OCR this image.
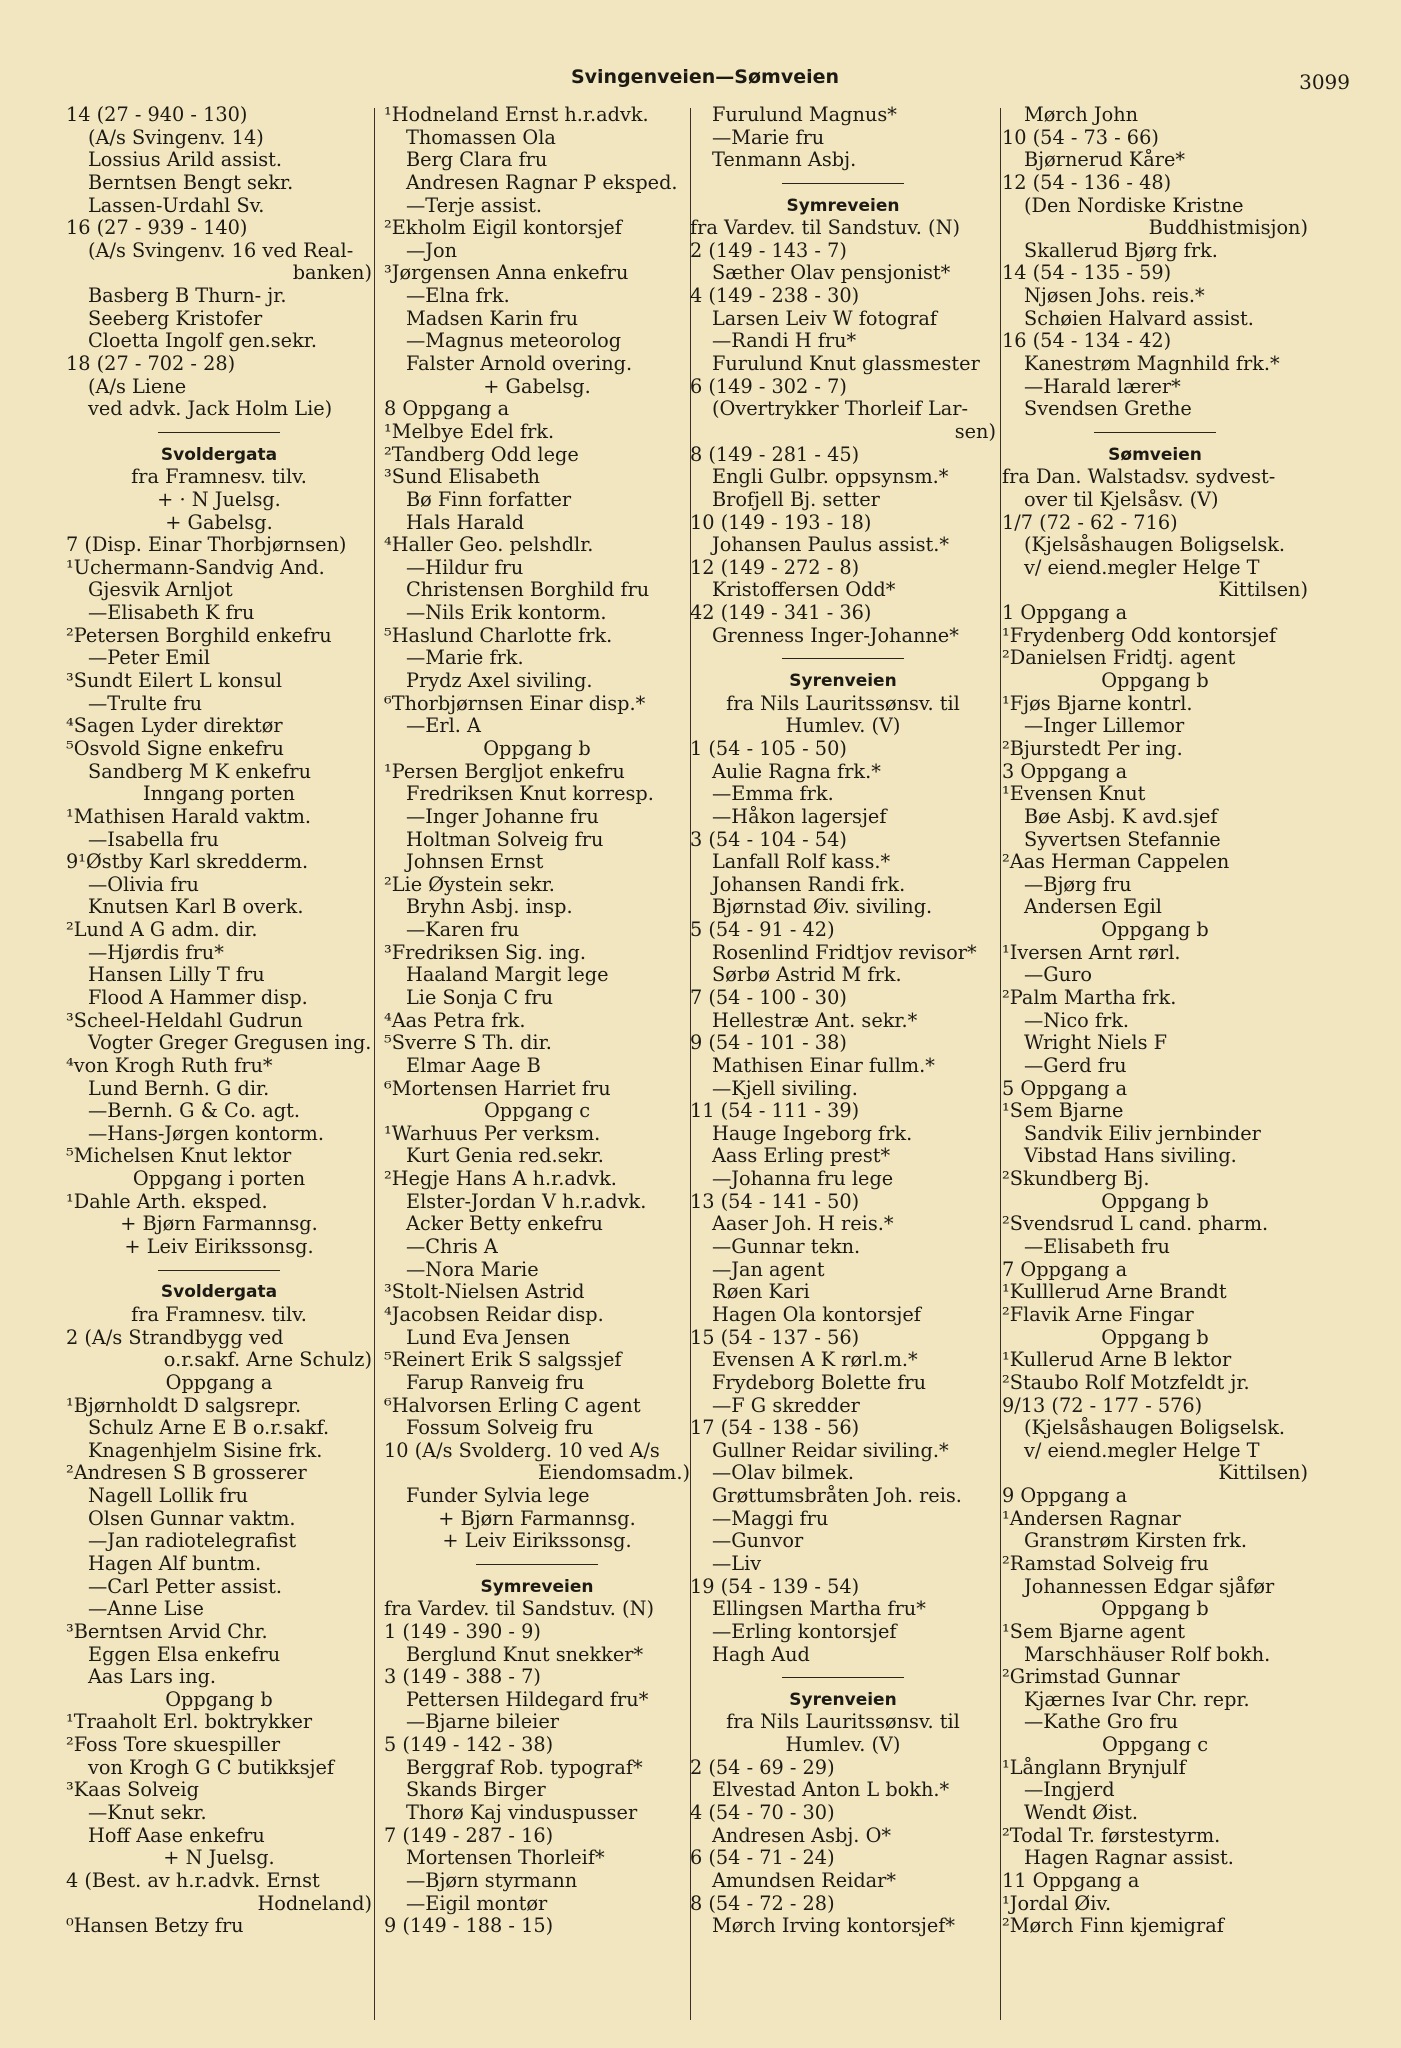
Svingenveien—Sømveien	3099
14 (27 - 940 - 130)
(A/s Svingenv. 14)
Lossius Arild assist.
Berntsen Bengt sekr.
Lassen-Urdahl Sv.
16 (27 - 939 - 140)
(A/s Svingenv. 16 ved Real-
banken)
Basberg B Thurn- jr.
Seeberg Kristofer
Cloetta Ingolf gen.sekr.
18 (27 - 702 - 28)
(A/s Liene
ved advk. Jack Holm Lie)
Svoldergata
fra Framnesv. tilv.
+ · N Juelsg.
+ Gabelsg.
7 (Disp. Einar Thorbjørnsen)
¹Uchermann-Sandvig And.
Gjesvik Arnljot
—Elisabeth K fru
²Petersen Borghild enkefru
—Peter Emil
³Sundt Eilert L konsul
—Trulte fru
⁴Sagen Lyder direktør
⁵Osvold Signe enkefru
Sandberg M K enkefru
Inngang porten
¹Mathisen Harald vaktm.
—Isabella fru
9¹Østby Karl skredderm.
—Olivia fru
Knutsen Karl B overk.
²Lund A G adm. dir.
—Hjørdis fru*
Hansen Lilly T fru
Flood A Hammer disp.
³Scheel-Heldahl Gudrun
Vogter Greger Gregusen ing.
⁴von Krogh Ruth fru*
Lund Bernh. G dir.
—Bernh. G & Co. agt.
—Hans-Jørgen kontorm.
⁵Michelsen Knut lektor
Oppgang i porten
¹Dahle Arth. eksped.
+ Bjørn Farmannsg.
+ Leiv Eirikssonsg.
Svoldergata
fra Framnesv. tilv.
2 (A/s Strandbygg ved
o.r.sakf. Arne Schulz)
Oppgang a
¹Bjørnholdt D salgsrepr.
Schulz Arne E B o.r.sakf.
Knagenhjelm Sisine frk.
²Andresen S B grosserer
Nagell Lollik fru
Olsen Gunnar vaktm.
—Jan radiotelegrafist
Hagen Alf buntm.
—Carl Petter assist.
—Anne Lise
³Berntsen Arvid Chr.
Eggen Elsa enkefru
Aas Lars ing.
Oppgang b
¹Traaholt Erl. boktrykker
²Foss Tore skuespiller
von Krogh G C butikksjef
³Kaas Solveig
—Knut sekr.
Hoff Aase enkefru
+ N Juelsg.
4 (Best. av h.r.advk. Ernst
Hodneland)
⁰Hansen Betzy fru
¹Hodneland Ernst h.r.advk.
Thomassen Ola
Berg Clara fru
Andresen Ragnar P eksped.
—Terje assist.
²Ekholm Eigil kontorsjef
—Jon
³Jørgensen Anna enkefru
—Elna frk.
Madsen Karin fru
—Magnus meteorolog
Falster Arnold overing.
+ Gabelsg.
8 Oppgang a
¹Melbye Edel frk.
²Tandberg Odd lege
³Sund Elisabeth
Bø Finn forfatter
Hals Harald
⁴Haller Geo. pelshdlr.
—Hildur fru
Christensen Borghild fru
—Nils Erik kontorm.
⁵Haslund Charlotte frk.
—Marie frk.
Prydz Axel siviling.
⁶Thorbjørnsen Einar disp.*
—Erl. A
Oppgang b
¹Persen Bergljot enkefru
Fredriksen Knut korresp.
—Inger Johanne fru
Holtman Solveig fru
Johnsen Ernst
²Lie Øystein sekr.
Bryhn Asbj. insp.
—Karen fru
³Fredriksen Sig. ing.
Haaland Margit lege
Lie Sonja C fru
⁴Aas Petra frk.
⁵Sverre S Th. dir.
Elmar Aage B
⁶Mortensen Harriet fru
Oppgang c
¹Warhuus Per verksm.
Kurt Genia red.sekr.
²Hegje Hans A h.r.advk.
Elster-Jordan V h.r.advk.
Acker Betty enkefru
—Chris A
—Nora Marie
³Stolt-Nielsen Astrid
⁴Jacobsen Reidar disp.
Lund Eva Jensen
⁵Reinert Erik S salgssjef
Farup Ranveig fru
⁶Halvorsen Erling C agent
Fossum Solveig fru
10 (A/s Svolderg. 10 ved A/s
Eiendomsadm.)
Funder Sylvia lege
+ Bjørn Farmannsg.
+ Leiv Eirikssonsg.
Symreveien
fra Vardev. til Sandstuv. (N)
1 (149 - 390 - 9)
Berglund Knut snekker*
3 (149 - 388 - 7)
Pettersen Hildegard fru*
—Bjarne bileier
5 (149 - 142 - 38)
Berggraf Rob. typograf*
Skands Birger
Thorø Kaj vinduspusser
7 (149 - 287 - 16)
Mortensen Thorleif*
—Bjørn styrmann
—Eigil montør
9 (149 - 188 - 15)
Furulund Magnus*
—Marie fru
Tenmann Asbj.
Symreveien
fra Vardev. til Sandstuv. (N)
2 (149 - 143 - 7)
Sæther Olav pensjonist*
4 (149 - 238 - 30)
Larsen Leiv W fotograf
—Randi H fru*
Furulund Knut glassmester
6 (149 - 302 - 7)
(Overtrykker Thorleif Lar-
sen)
8 (149 - 281 - 45)
Engli Gulbr. oppsynsm.*
Brofjell Bj. setter
10 (149 - 193 - 18)
Johansen Paulus assist.*
12 (149 - 272 - 8)
Kristoffersen Odd*
42 (149 - 341 - 36)
Grenness Inger-Johanne*
Syrenveien
fra Nils Lauritssønsv. til
Humlev. (V)
1 (54 - 105 - 50)
Aulie Ragna frk.*
—Emma frk.
—Håkon lagersjef
3 (54 - 104 - 54)
Lanfall Rolf kass.*
Johansen Randi frk.
Bjørnstad Øiv. siviling.
5 (54 - 91 - 42)
Rosenlind Fridtjov revisor*
Sørbø Astrid M frk.
7 (54 - 100 - 30)
Hellestræ Ant. sekr.*
9 (54 - 101 - 38)
Mathisen Einar fullm.*
—Kjell siviling.
11 (54 - 111 - 39)
Hauge Ingeborg frk.
Aass Erling prest*
—Johanna fru lege
13 (54 - 141 - 50)
Aaser Joh. H reis.*
—Gunnar tekn.
—Jan agent
Røen Kari
Hagen Ola kontorsjef
15 (54 - 137 - 56)
Evensen A K rørl.m.*
Frydeborg Bolette fru
—F G skredder
17 (54 - 138 - 56)
Gullner Reidar siviling.*
—Olav bilmek.
Grøttumsbråten Joh. reis.
—Maggi fru
—Gunvor
—Liv
19 (54 - 139 - 54)
Ellingsen Martha fru*
—Erling kontorsjef
Hagh Aud
Syrenveien
fra Nils Lauritssønsv. til
Humlev. (V)
2 (54 - 69 - 29)
Elvestad Anton L bokh.*
4 (54 - 70 - 30)
Andresen Asbj. O*
6 (54 - 71 - 24)
Amundsen Reidar*
8 (54 - 72 - 28)
Mørch Irving kontorsjef*
Mørch John
10 (54 - 73 - 66)
Bjørnerud Kåre*
12 (54 - 136 - 48)
(Den Nordiske Kristne
Buddhistmisjon)
Skallerud Bjørg frk.
14 (54 - 135 - 59)
Njøsen Johs. reis.*
Schøien Halvard assist.
16 (54 - 134 - 42)
Kanestrøm Magnhild frk.*
—Harald lærer*
Svendsen Grethe
Sømveien
fra Dan. Walstadsv. sydvest-
over til Kjelsåsv. (V)
1/7 (72 - 62 - 716)
(Kjelsåshaugen Boligselsk.
v/ eiend.megler Helge T
Kittilsen)
1 Oppgang a
¹Frydenberg Odd kontorsjef
²Danielsen Fridtj. agent
Oppgang b
¹Fjøs Bjarne kontrl.
—Inger Lillemor
²Bjurstedt Per ing.
3 Oppgang a
¹Evensen Knut
Bøe Asbj. K avd.sjef
Syvertsen Stefannie
²Aas Herman Cappelen
—Bjørg fru
Andersen Egil
Oppgang b
¹Iversen Arnt rørl.
—Guro
²Palm Martha frk.
—Nico frk.
Wright Niels F
—Gerd fru
5 Oppgang a
¹Sem Bjarne
Sandvik Eiliv jernbinder
Vibstad Hans siviling.
²Skundberg Bj.
Oppgang b
²Svendsrud L cand. pharm.
—Elisabeth fru
7 Oppgang a
¹Kulllerud Arne Brandt
²Flavik Arne Fingar
Oppgang b
¹Kullerud Arne B lektor
²Staubo Rolf Motzfeldt jr.
9/13 (72 - 177 - 576)
(Kjelsåshaugen Boligselsk.
v/ eiend.megler Helge T
Kittilsen)
9 Oppgang a
¹Andersen Ragnar
Granstrøm Kirsten frk.
²Ramstad Solveig fru
Johannessen Edgar sjåfør
Oppgang b
¹Sem Bjarne agent
Marschhäuser Rolf bokh.
²Grimstad Gunnar
Kjærnes Ivar Chr. repr.
—Kathe Gro fru
Oppgang c
¹Långlann Brynjulf
—Ingjerd
Wendt Øist.
²Todal Tr. førstestyrm.
Hagen Ragnar assist.
11 Oppgang a
¹Jordal Øiv.
²Mørch Finn kjemigraf
